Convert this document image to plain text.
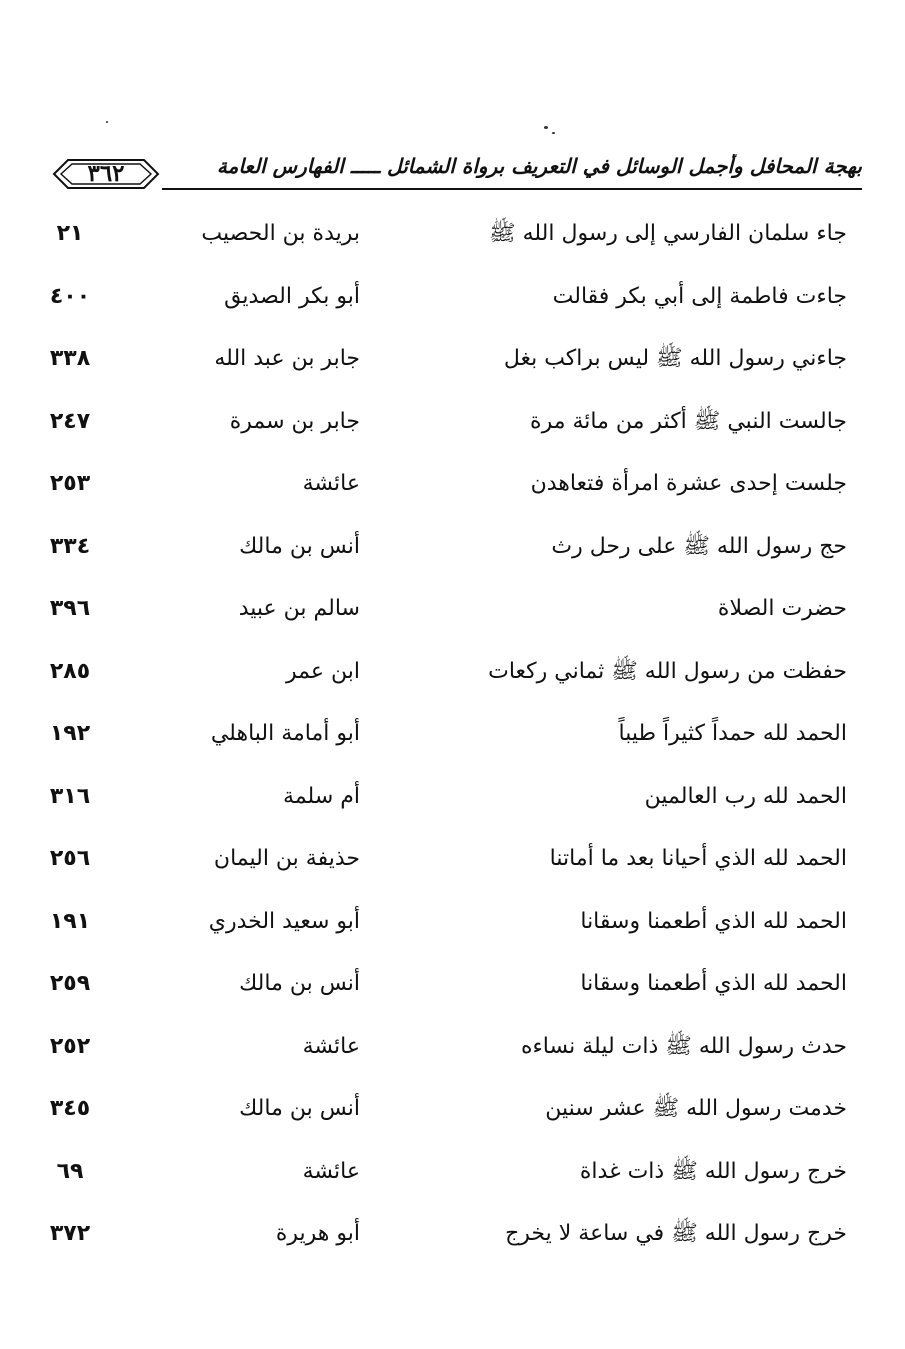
٣٦٢	بهجة المحافل وأجمل الوسائل في التعريف برواة الشمائل ـــــ الفهارس العامة
جاء سلمان الفارسي إلى رسول الله ﷺ
بريدة بن الحصيب
٢١
جاءت فاطمة إلى أبي بكر فقالت
أبو بكر الصديق
٤٠٠
جاءني رسول الله ﷺ ليس براكب بغل
جابر بن عبد الله
٣٣٨
جالست النبي ﷺ أكثر من مائة مرة
جابر بن سمرة
٢٤٧
جلست إحدى عشرة امرأة فتعاهدن
عائشة
٢٥٣
حج رسول الله ﷺ على رحل رث
أنس بن مالك
٣٣٤
حضرت الصلاة
سالم بن عبيد
٣٩٦
حفظت من رسول الله ﷺ ثماني ركعات
ابن عمر
٢٨٥
الحمد لله حمداً كثيراً طيباً
أبو أمامة الباهلي
١٩٢
الحمد لله رب العالمين
أم سلمة
٣١٦
الحمد لله الذي أحيانا بعد ما أماتنا
حذيفة بن اليمان
٢٥٦
الحمد لله الذي أطعمنا وسقانا
أبو سعيد الخدري
١٩١
الحمد لله الذي أطعمنا وسقانا
أنس بن مالك
٢٥٩
حدث رسول الله ﷺ ذات ليلة نساءه
عائشة
٢٥٢
خدمت رسول الله ﷺ عشر سنين
أنس بن مالك
٣٤٥
خرج رسول الله ﷺ ذات غداة
عائشة
٦٩
خرج رسول الله ﷺ في ساعة لا يخرج
أبو هريرة
٣٧٢
